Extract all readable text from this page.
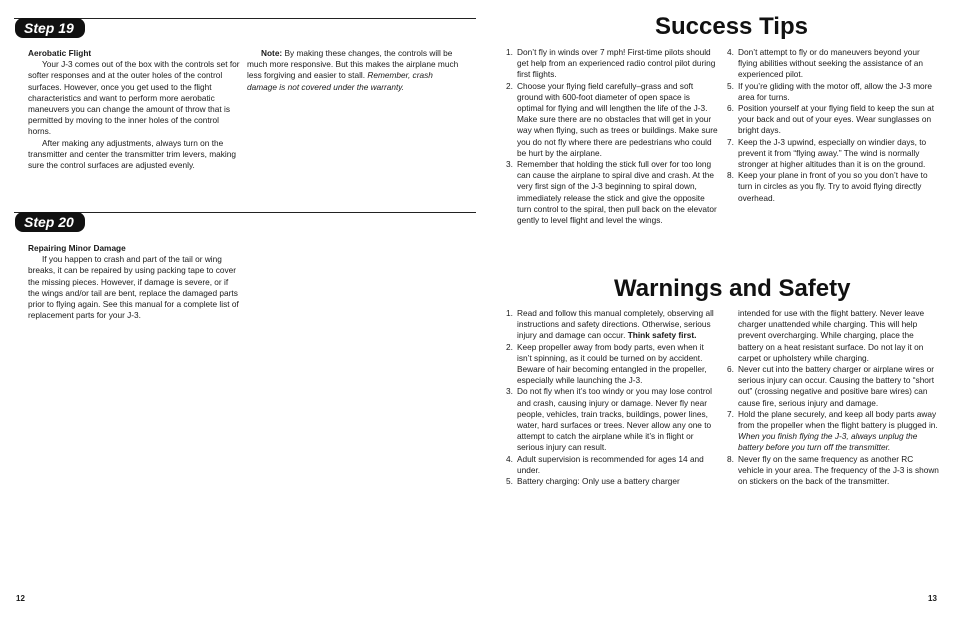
Step 19

Aerobatic Flight

Your J-3 comes out of the box with the controls set for softer responses and at the outer holes of the control surfaces. However, once you get used to the flight characteristics and want to perform more aerobatic maneuvers you can change the amount of throw that is permitted by moving to the inner holes of the control horns.

After making any adjustments, always turn on the transmitter and center the transmitter trim levers, making sure the control surfaces are adjusted evenly.

Note: By making these changes, the controls will be much more responsive. But this makes the airplane much less forgiving and easier to stall. Remember, crash damage is not covered under the warranty.

Step 20

Repairing Minor Damage

If you happen to crash and part of the tail or wing breaks, it can be repaired by using packing tape to cover the missing pieces. However, if damage is severe, or if the wings and/or tail are bent, replace the damaged parts prior to flying again. See this manual for a complete list of replacement parts for your J-3.

12
Success Tips
1. Don’t fly in winds over 7 mph! First-time pilots should get help from an experienced radio control pilot during first flights.
2. Choose your flying field carefully–grass and soft ground with 600-foot diameter of open space is optimal for flying and will lengthen the life of the J-3. Make sure there are no obstacles that will get in your way when flying, such as trees or buildings. Make sure you do not fly where there are pedestrians who could be hurt by the airplane.
3. Remember that holding the stick full over for too long can cause the airplane to spiral dive and crash. At the very first sign of the J-3 beginning to spiral down, immediately release the stick and give the opposite turn control to the spiral, then pull back on the elevator gently to level flight and level the wings.
4. Don’t attempt to fly or do maneuvers beyond your flying abilities without seeking the assistance of an experienced pilot.
5. If you’re gliding with the motor off, allow the J-3 more area for turns.
6. Position yourself at your flying field to keep the sun at your back and out of your eyes. Wear sunglasses on bright days.
7. Keep the J-3 upwind, especially on windier days, to prevent it from “flying away.” The wind is normally stronger at higher altitudes than it is on the ground.
8. Keep your plane in front of you so you don’t have to turn in circles as you fly. Try to avoid flying directly overhead.
Warnings and Safety
1. Read and follow this manual completely, observing all instructions and safety directions. Otherwise, serious injury and damage can occur. Think safety first.
2. Keep propeller away from body parts, even when it isn’t spinning, as it could be turned on by accident. Beware of hair becoming entangled in the propeller, especially while launching the J-3.
3. Do not fly when it’s too windy or you may lose control and crash, causing injury or damage. Never fly near people, vehicles, train tracks, buildings, power lines, water, hard surfaces or trees. Never allow any one to attempt to catch the airplane while it’s in flight or serious injury can result.
4. Adult supervision is recommended for ages 14 and under.
5. Battery charging: Only use a battery charger
intended for use with the flight battery. Never leave charger unattended while charging. This will help prevent overcharging. While charging, place the battery on a heat resistant surface. Do not lay it on carpet or upholstery while charging.
6. Never cut into the battery charger or airplane wires or serious injury can occur. Causing the battery to “short out” (crossing negative and positive bare wires) can cause fire, serious injury and damage.
7. Hold the plane securely, and keep all body parts away from the propeller when the flight battery is plugged in. When you finish flying the J-3, always unplug the battery before you turn off the transmitter.
8. Never fly on the same frequency as another RC vehicle in your area. The frequency of the J-3 is shown on stickers on the back of the transmitter.
13
